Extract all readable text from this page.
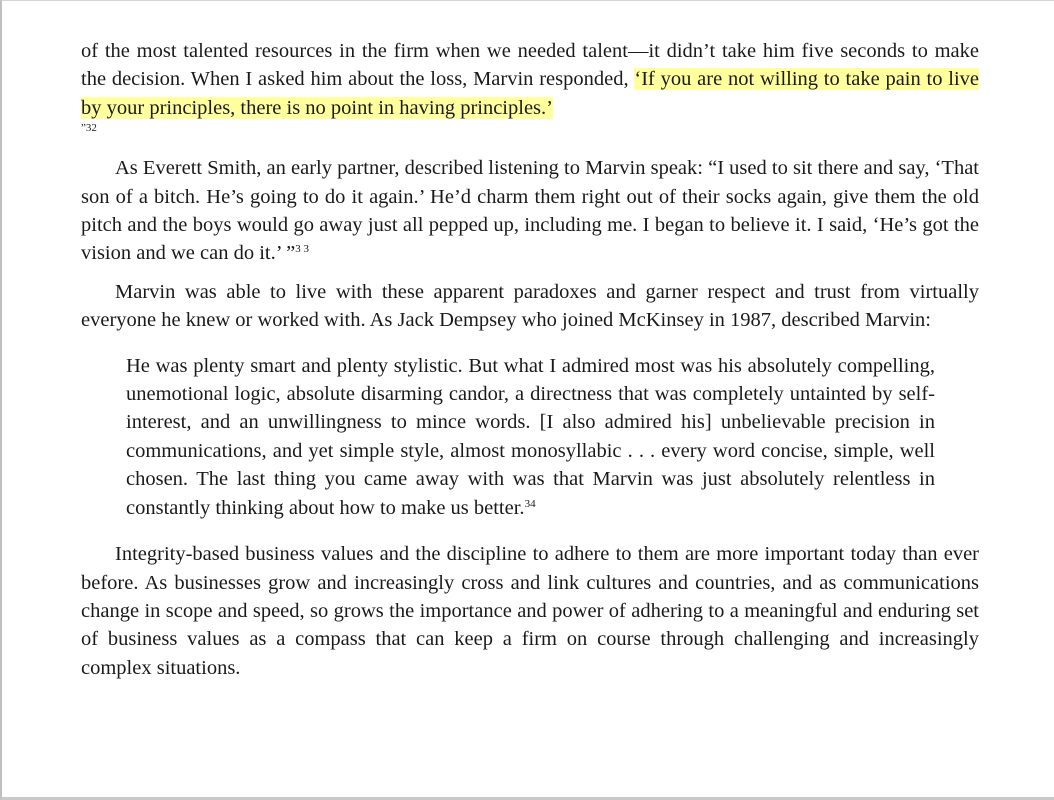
of the most talented resources in the firm when we needed talent—it didn’t take him five seconds to make the decision. When I asked him about the loss, Marvin responded, ‘If you are not willing to take pain to live by your principles, there is no point in having principles.’
”32

As Everett Smith, an early partner, described listening to Marvin speak: “I used to sit there and say, ‘That son of a bitch. He’s going to do it again.’ He’d charm them right out of their socks again, give them the old pitch and the boys would go away just all pepped up, including me. I began to believe it. I said, ‘He’s got the vision and we can do it.’ ”$^{3 3}$

Marvin was able to live with these apparent paradoxes and garner respect and trust from virtually everyone he knew or worked with. As Jack Dempsey who joined McKinsey in 1987, described Marvin:

He was plenty smart and plenty stylistic. But what I admired most was his absolutely compelling, unemotional logic, absolute disarming candor, a directness that was completely untainted by self-interest, and an unwillingness to mince words. [I also admired his] unbelievable precision in communications, and yet simple style, almost monosyllabic . . . every word concise, simple, well chosen. The last thing you came away with was that Marvin was just absolutely relentless in constantly thinking about how to make us better.$^{34}$

Integrity-based business values and the discipline to adhere to them are more important today than ever before. As businesses grow and increasingly cross and link cultures and countries, and as communications change in scope and speed, so grows the importance and power of adhering to a meaningful and enduring set of business values as a compass that can keep a firm on course through challenging and increasingly complex situations.
